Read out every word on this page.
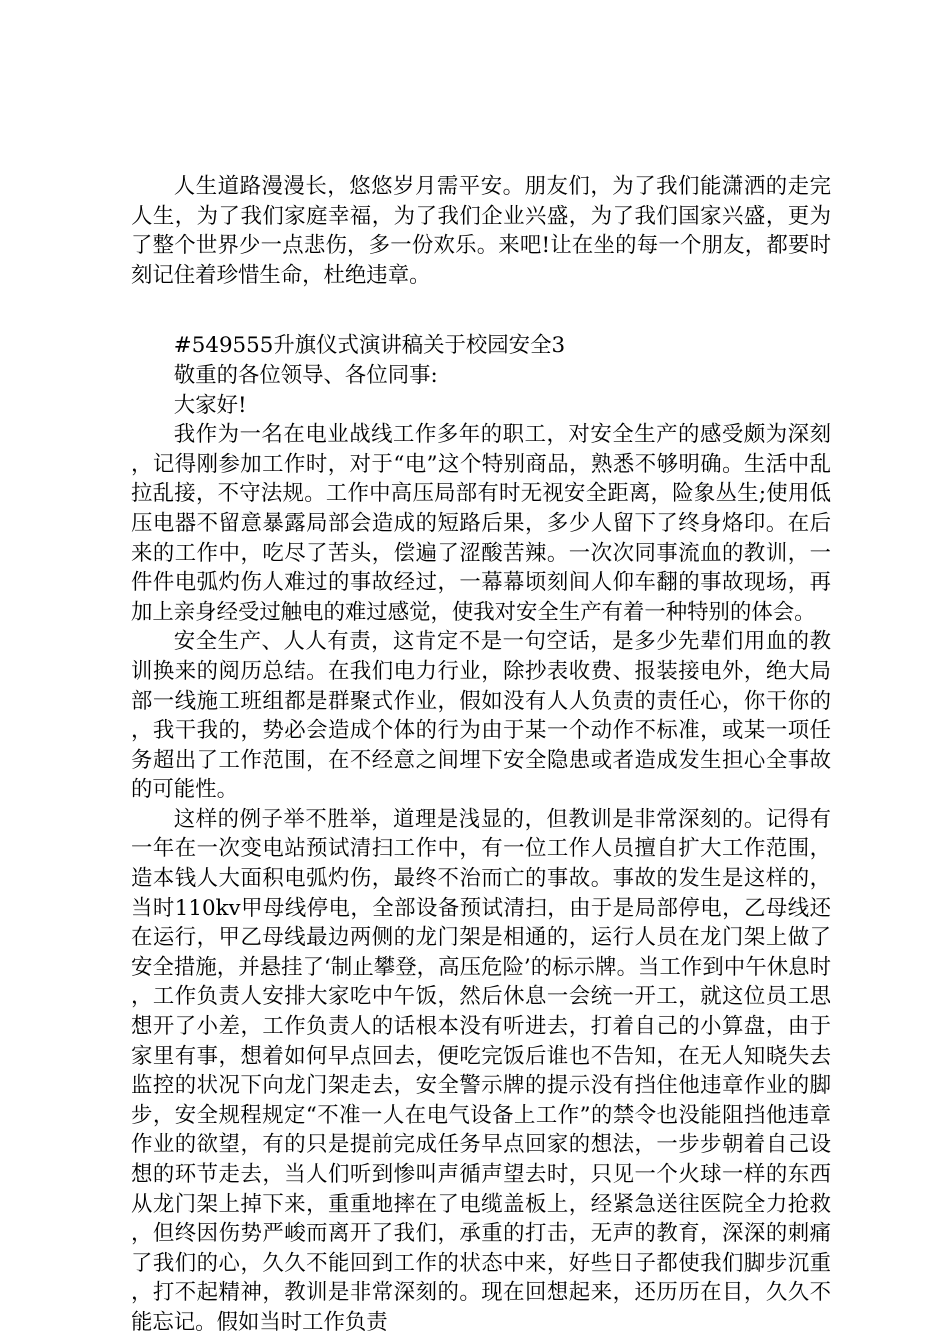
人生道路漫漫长，悠悠岁月需平安。朋友们，为了我们能潇洒的走完人生，为了我们家庭幸福，为了我们企业兴盛，为了我们国家兴盛，更为了整个世界少一点悲伤，多一份欢乐。来吧!让在坐的每一个朋友，都要时刻记住着珍惜生命，杜绝违章。

#549555升旗仪式演讲稿关于校园安全3

敬重的各位领导、各位同事:

大家好!

我作为一名在电业战线工作多年的职工，对安全生产的感受颇为深刻，记得刚参加工作时，对于“电”这个特别商品，熟悉不够明确。生活中乱拉乱接，不守法规。工作中高压局部有时无视安全距离，险象丛生;使用低压电器不留意暴露局部会造成的短路后果，多少人留下了终身烙印。在后来的工作中，吃尽了苦头，偿遍了涩酸苦辣。一次次同事流血的教训，一件件电弧灼伤人难过的事故经过，一幕幕顷刻间人仰车翻的事故现场，再加上亲身经受过触电的难过感觉，使我对安全生产有着一种特别的体会。

安全生产、人人有责，这肯定不是一句空话，是多少先辈们用血的教训换来的阅历总结。在我们电力行业，除抄表收费、报装接电外，绝大局部一线施工班组都是群聚式作业，假如没有人人负责的责任心，你干你的，我干我的，势必会造成个体的行为由于某一个动作不标准，或某一项任务超出了工作范围，在不经意之间埋下安全隐患或者造成发生担心全事故的可能性。

这样的例子举不胜举，道理是浅显的，但教训是非常深刻的。记得有一年在一次变电站预试清扫工作中，有一位工作人员擅自扩大工作范围，造本钱人大面积电弧灼伤，最终不治而亡的事故。事故的发生是这样的，当时110kv甲母线停电，全部设备预试清扫，由于是局部停电，乙母线还在运行，甲乙母线最边两侧的龙门架是相通的，运行人员在龙门架上做了安全措施，并悬挂了‘制止攀登，高压危险’的标示牌。当工作到中午休息时，工作负责人安排大家吃中午饭，然后休息一会统一开工，就这位员工思想开了小差，工作负责人的话根本没有听进去，打着自己的小算盘，由于家里有事，想着如何早点回去，便吃完饭后谁也不告知，在无人知晓失去监控的状况下向龙门架走去，安全警示牌的提示没有挡住他违章作业的脚步，安全规程规定“不准一人在电气设备上工作”的禁令也没能阻挡他违章作业的欲望，有的只是提前完成任务早点回家的想法，一步步朝着自己设想的环节走去，当人们听到惨叫声循声望去时，只见一个火球一样的东西从龙门架上掉下来，重重地摔在了电缆盖板上，经紧急送往医院全力抢救，但终因伤势严峻而离开了我们，承重的打击，无声的教育，深深的刺痛了我们的心，久久不能回到工作的状态中来，好些日子都使我们脚步沉重，打不起精神，教训是非常深刻的。现在回想起来，还历历在目，久久不能忘记。假如当时工作负责
